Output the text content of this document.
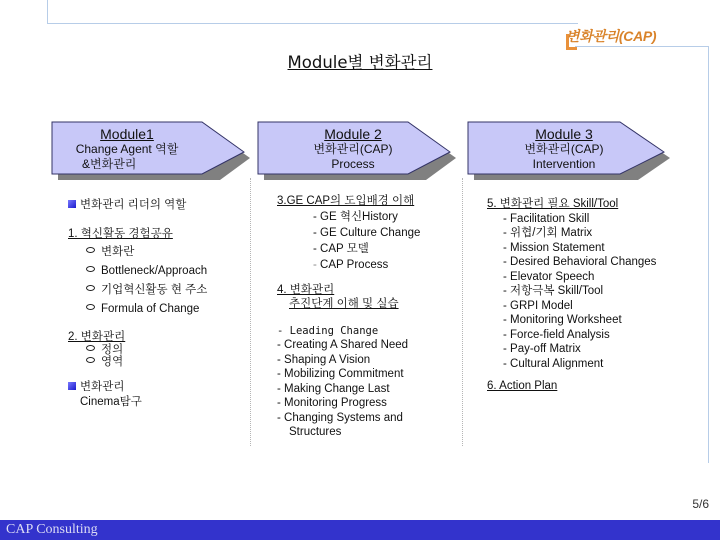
변화관리(CAP)
Module별 변화관리
Module1
Change Agent 역할
&변화관리
Module 2
변화관리(CAP)
Process
Module 3
변화관리(CAP)
Intervention
변화관리 리더의 역할
1. 혁신활동 경험공유
변화란
Bottleneck/Approach
기업혁신활동 현 주소
Formula of Change
2. 변화관리
정의
영역
변화관리
Cinema탐구
3.GE CAP의 도입배경 이해
- GE 혁신History
- GE Culture Change
- CAP 모델
- CAP Process
4. 변화관리
추진단계 이해 및 실습
- Leading Change
- Creating A Shared Need
- Shaping A Vision
- Mobilizing Commitment
- Making Change Last
- Monitoring Progress
- Changing Systems and
Structures
5. 변화관리 필요 Skill/Tool
- Facilitation Skill
- 위협/기회 Matrix
- Mission Statement
- Desired Behavioral Changes
- Elevator Speech
- 저항극복 Skill/Tool
- GRPI Model
- Monitoring Worksheet
- Force-field Analysis
- Pay-off Matrix
- Cultural Alignment
6. Action Plan
5/6
CAP Consulting
